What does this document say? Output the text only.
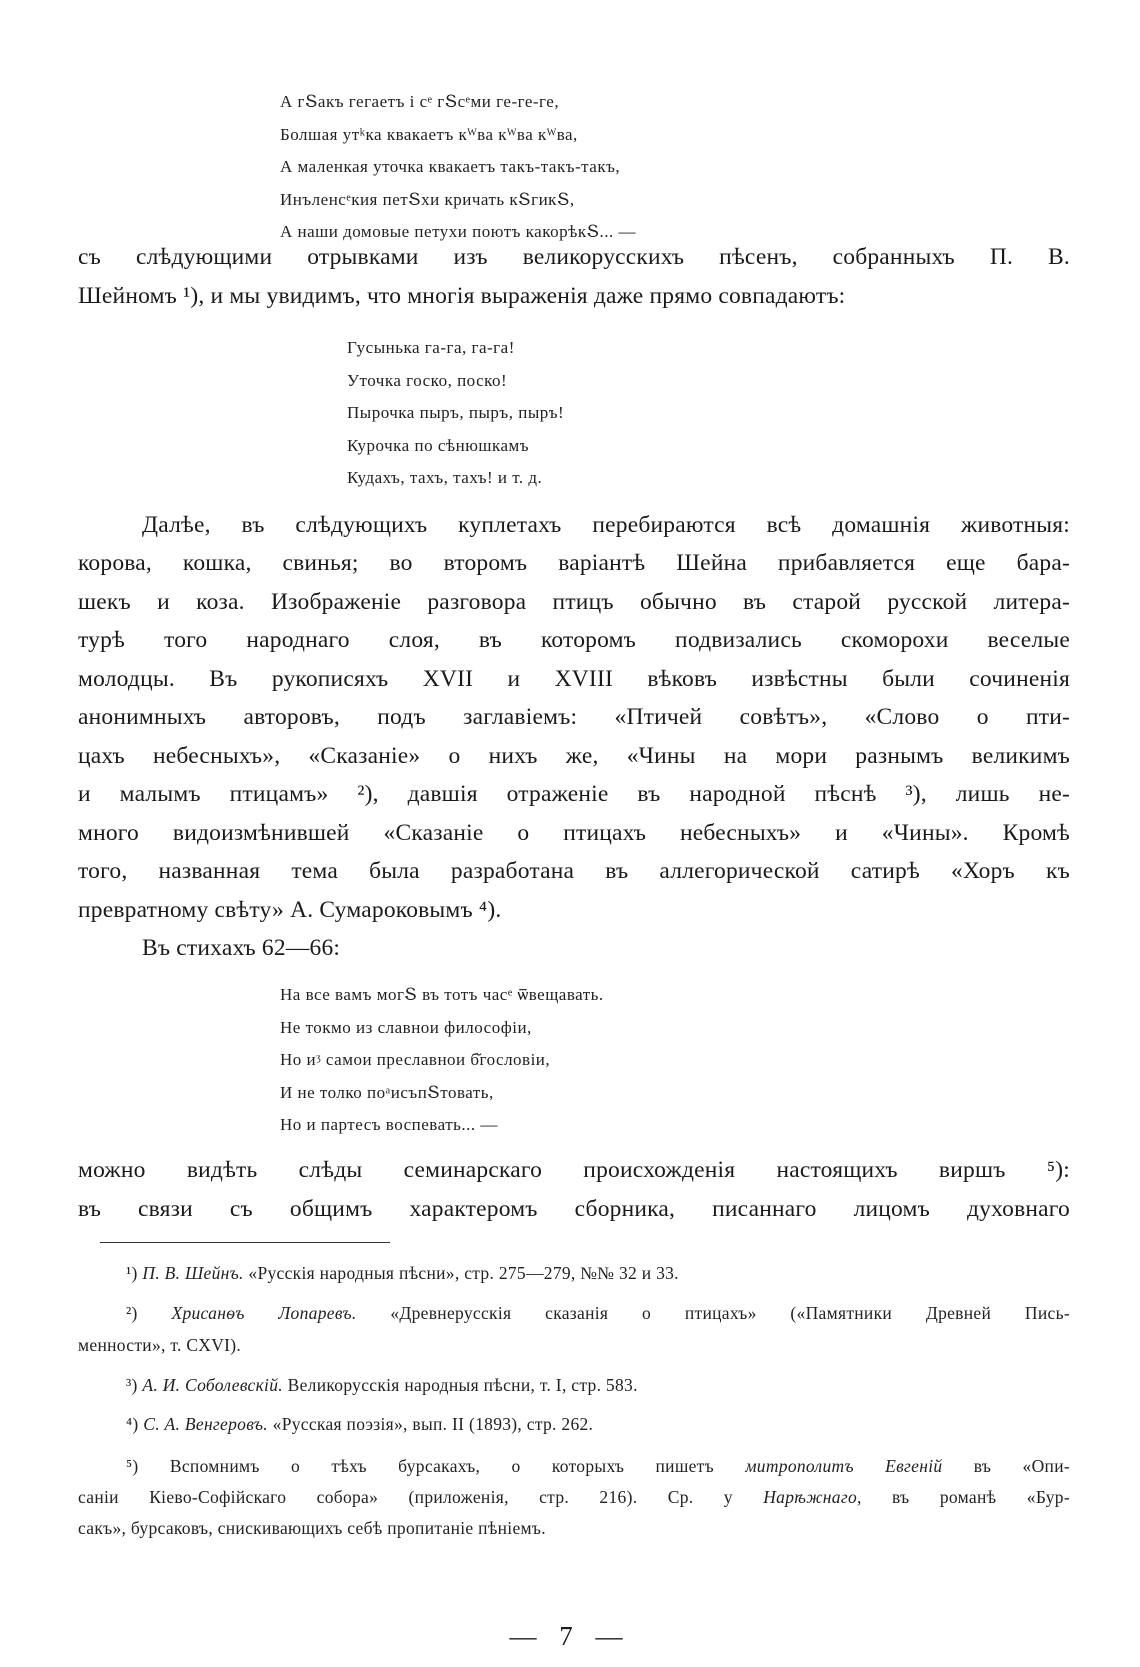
А гՏакъ гегаетъ і сᵉ гՏсᵉми ге-ге-ге,
Болшая утᵏка квакаетъ кᵂва кᵂва кᵂва,
А маленкая уточка квакаетъ такъ-такъ-такъ,
Инъленсᵉкия петՏхи кричать кՏгикՏ,
А наши домовые петухи поютъ какорѣкՏ... —
съ слѣдующими отрывками изъ великорусскихъ пѣсенъ, собранныхъ П. В.
Шейномъ ¹), и мы увидимъ, что многія выраженія даже прямо совпадаютъ:
Гусынька га-га, га-га!
Уточка госко, поско!
Пырочка пыръ, пыръ, пыръ!
Курочка по сѣнюшкамъ
Кудахъ, тахъ, тахъ! и т. д.
Далѣе, въ слѣдующихъ куплетахъ перебираются всѣ домашнія животныя:
корова, кошка, свинья; во второмъ варіантѣ Шейна прибавляется еще бара-
шекъ и коза. Изображеніе разговора птицъ обычно въ старой русской литера-
турѣ того народнаго слоя, въ которомъ подвизались скоморохи веселые
молодцы. Въ рукописяхъ XVII и XVIII вѣковъ извѣстны были сочиненія
анонимныхъ авторовъ, подъ заглавіемъ: «Птичей совѣтъ», «Слово о пти-
цахъ небесныхъ», «Сказаніе» о нихъ же, «Чины на мори разнымъ великимъ
и малымъ птицамъ» ²), давшія отраженіе въ народной пѣснѣ ³), лишь не-
много видоизмѣнившей «Сказаніе о птицахъ небесныхъ» и «Чины». Кромѣ
того, названная тема была разработана въ аллегорической сатирѣ «Хоръ къ
превратному свѣту» А. Сумароковымъ ⁴).
Въ стихахъ 62—66:
На все вамъ могՏ въ тотъ часᵉ ѿвещавать.
Не токмо из славнои философіи,
Но иᶾ самои преславнои б̆гословіи,
И не толко поᵃисъпՏтовать,
Но и партесъ воспевать... —
можно видѣть слѣды семинарскаго происхожденія настоящихъ виршъ ⁵):
въ связи съ общимъ характеромъ сборника, писаннаго лицомъ духовнаго
¹) П. В. Шейнъ. «Русскія народныя пѣсни», стр. 275—279, №№ 32 и 33.
²) Хрисанѳъ Лопаревъ. «Древнерусскія сказанія о птицахъ» («Памятники Древней Пись-
менности», т. CXVI).
³) А. И. Соболевскій. Великорусскія народныя пѣсни, т. I, стр. 583.
⁴) С. А. Венгеровъ. «Русская поэзія», вып. II (1893), стр. 262.
⁵) Вспомнимъ о тѣхъ бурсакахъ, о которыхъ пишетъ митрополитъ Евгеній въ «Опи-
саніи Кіево-Софійскаго собора» (приложенія, стр. 216). Ср. у Нарѣжнаго, въ романѣ «Бур-
сакъ», бурсаковъ, снискивающихъ себѣ пропитаніе пѣніемъ.
— 7 —
